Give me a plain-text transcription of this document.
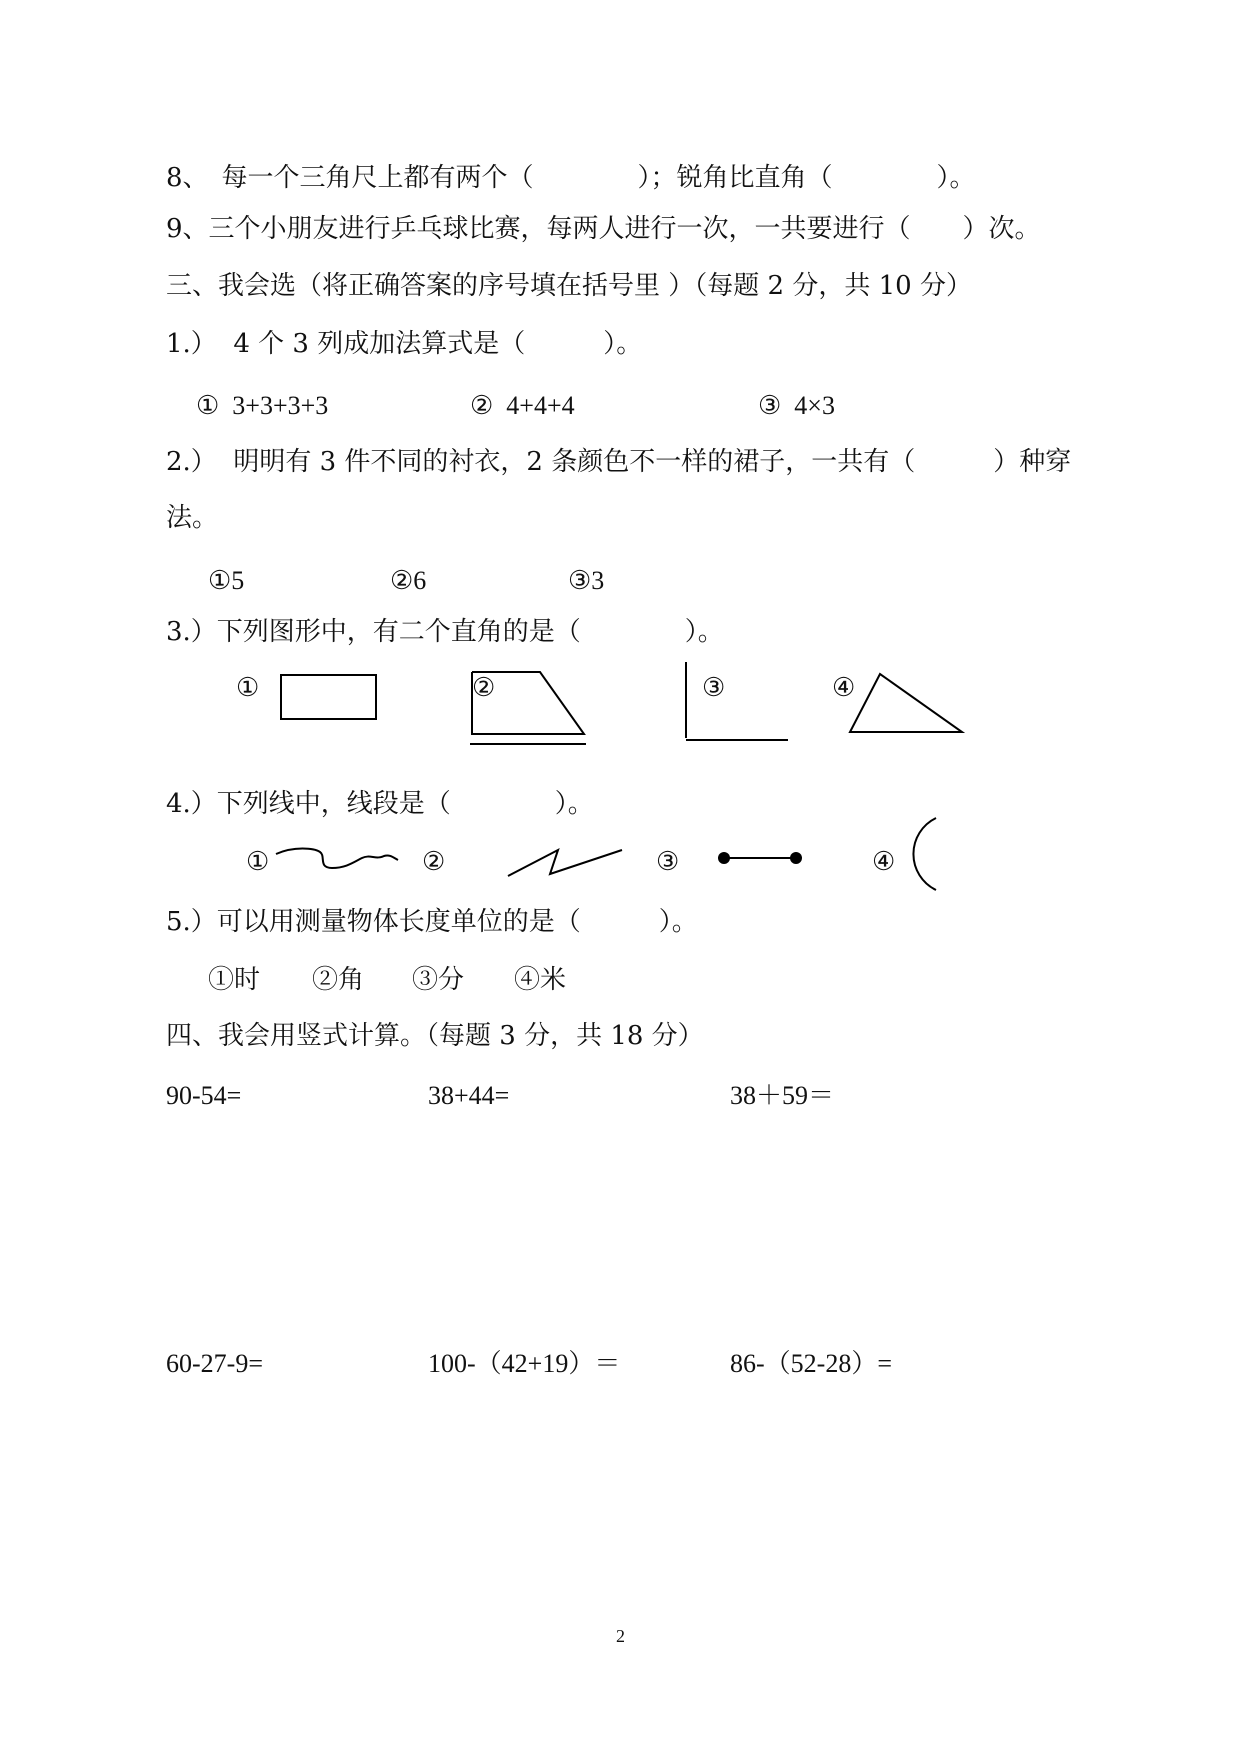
8、　每一个三角尺上都有两个（　　　　）；锐角比直角（　　　　）。
9、三个小朋友进行乒乓球比赛，每两人进行一次，一共要进行（　　）次。
三、我会选（将正确答案的序号填在括号里 ）（每题 2 分，共 10 分）
1.）  4 个 3 列成加法算式是（　　　）。
①  3+3+3+3	②  4+4+4	③  4×3
2.）  明明有 3 件不同的衬衣，2 条颜色不一样的裙子，一共有（　　　）种穿
法。
①5	②6	③3
3.）下列图形中，有二个直角的是（　　　　）。
①	②	③	④
4.）下列线中，线段是（　　　　）。
①	②	③	④
5.）可以用测量物体长度单位的是（　　　）。
①时 ②角 ③分 ④米
四、我会用竖式计算。（每题 3 分，共 18 分）
90-54=	38+44=	38＋59＝
60-27-9=	100-（42+19）＝	86-（52-28）=
2
